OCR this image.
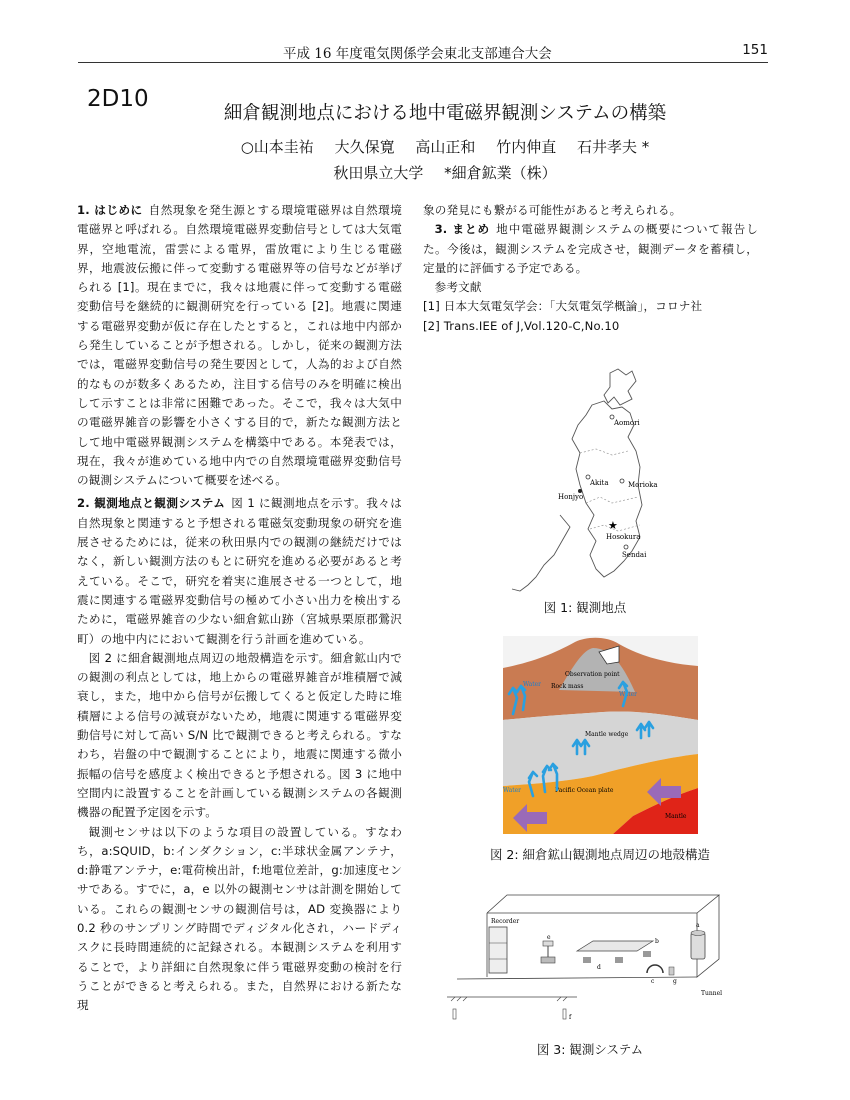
平成 16 年度電気関係学会東北支部連合大会	151
2D10
細倉観測地点における地中電磁界観測システムの構築
○山本圭祐 大久保寛 高山正和 竹内伸直 石井孝夫 *
秋田県立大学 *細倉鉱業（株）

1. はじめに 自然現象を発生源とする環境電磁界は自然環境電磁界と呼ばれる。自然環境電磁界変動信号としては大気電界，空地電流，雷雲による電界，雷放電により生じる電磁界，地震波伝搬に伴って変動する電磁界等の信号などが挙げられる [1]。現在までに，我々は地震に伴って変動する電磁変動信号を継続的に観測研究を行っている [2]。地震に関連する電磁界変動が仮に存在したとすると，これは地中内部から発生していることが予想される。しかし，従来の観測方法では，電磁界変動信号の発生要因として，人為的および自然的なものが数多くあるため，注目する信号のみを明確に検出して示すことは非常に困難であった。そこで，我々は大気中の電磁界雑音の影響を小さくする目的で，新たな観測方法として地中電磁界観測システムを構築中である。本発表では，現在，我々が進めている地中内での自然環境電磁界変動信号の観測システムについて概要を述べる。

2. 観測地点と観測システム 図 1 に観測地点を示す。我々は自然現象と関連すると予想される電磁気変動現象の研究を進展させるためには，従来の秋田県内での観測の継続だけではなく，新しい観測方法のもとに研究を進める必要があると考えている。そこで，研究を着実に進展させる一つとして，地震に関連する電磁界変動信号の極めて小さい出力を検出するために，電磁界雑音の少ない細倉鉱山跡（宮城県栗原郡鶯沢町）の地中内ににおいて観測を行う計画を進めている。

図 2 に細倉観測地点周辺の地殻構造を示す。細倉鉱山内での観測の利点としては，地上からの電磁界雑音が堆積層で減衰し，また，地中から信号が伝搬してくると仮定した時に堆積層による信号の減衰がないため，地震に関連する電磁界変動信号に対して高い S/N 比で観測できると考えられる。すなわち，岩盤の中で観測することにより，地震に関連する微小振幅の信号を感度よく検出できると予想される。図 3 に地中空間内に設置することを計画している観測システムの各観測機器の配置予定図を示す。

観測センサは以下のような項目の設置している。すなわち，a:SQUID，b:インダクション，c:半球状金属アンテナ，d:静電アンテナ，e:電荷検出計，f:地電位差計，g:加速度センサである。すでに，a，e 以外の観測センサは計測を開始している。これらの観測センサの観測信号は，AD 変換器により 0.2 秒のサンプリング時間でディジタル化され，ハードディスクに長時間連続的に記録される。本観測システムを利用することで，より詳細に自然現象に伴う電磁界変動の検討を行うことができると考えられる。また，自然界における新たな現

象の発見にも繋がる可能性があると考えられる。

3. まとめ 地中電磁界観測システムの概要について報告した。今後は，観測システムを完成させ，観測データを蓄積し，定量的に評価する予定である。

参考文献

[1] 日本大気電気学会：「大気電気学概論」，コロナ社

[2] Trans.IEE of J,Vol.120-C,No.10

Aomori
Akita	Morioka
Honjyo
★
Hosokura
Sendai
図 1: 観測地点
Observation point
Rock mass
Water
Water
Mantle wedge
Water	Pacific Ocean plate
Mantle
図 2: 細倉鉱山観測地点周辺の地殻構造
Recorder
Tunnel
e
d
b
c	g
a
f
図 3: 観測システム
